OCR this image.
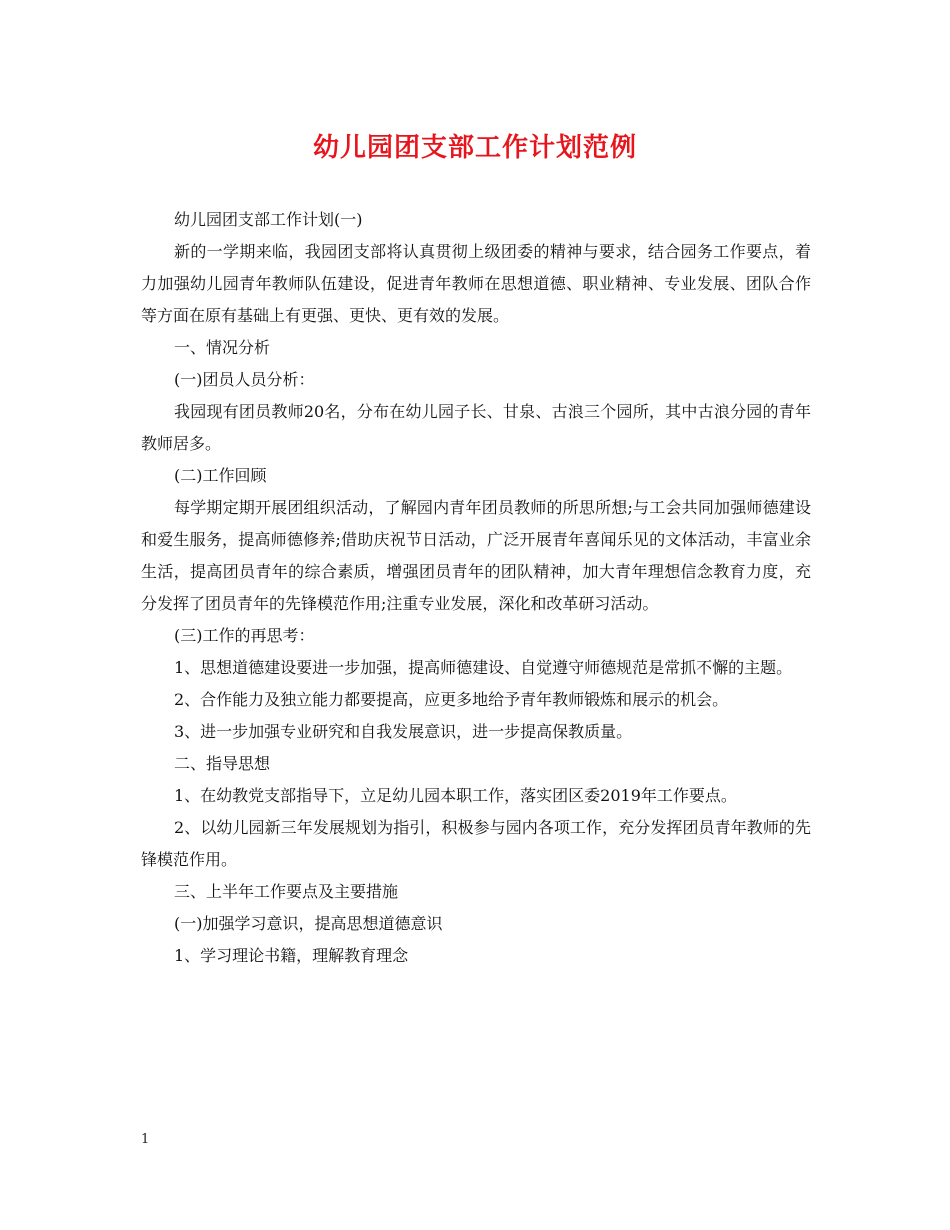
幼儿园团支部工作计划范例

幼儿园团支部工作计划(一)

新的一学期来临，我园团支部将认真贯彻上级团委的精神与要求，结合园务工作要点，着力加强幼儿园青年教师队伍建设，促进青年教师在思想道德、职业精神、专业发展、团队合作等方面在原有基础上有更强、更快、更有效的发展。

一、情况分析

(一)团员人员分析：

我园现有团员教师20名，分布在幼儿园子长、甘泉、古浪三个园所，其中古浪分园的青年教师居多。

(二)工作回顾

每学期定期开展团组织活动，了解园内青年团员教师的所思所想;与工会共同加强师德建设和爱生服务，提高师德修养;借助庆祝节日活动，广泛开展青年喜闻乐见的文体活动，丰富业余生活，提高团员青年的综合素质，增强团员青年的团队精神，加大青年理想信念教育力度，充分发挥了团员青年的先锋模范作用;注重专业发展，深化和改革研习活动。

(三)工作的再思考：

1、思想道德建设要进一步加强，提高师德建设、自觉遵守师德规范是常抓不懈的主题。

2、合作能力及独立能力都要提高，应更多地给予青年教师锻炼和展示的机会。

3、进一步加强专业研究和自我发展意识，进一步提高保教质量。

二、指导思想

1、在幼教党支部指导下，立足幼儿园本职工作，落实团区委2019年工作要点。

2、以幼儿园新三年发展规划为指引，积极参与园内各项工作，充分发挥团员青年教师的先锋模范作用。

三、上半年工作要点及主要措施

(一)加强学习意识，提高思想道德意识

1、学习理论书籍，理解教育理念

1
